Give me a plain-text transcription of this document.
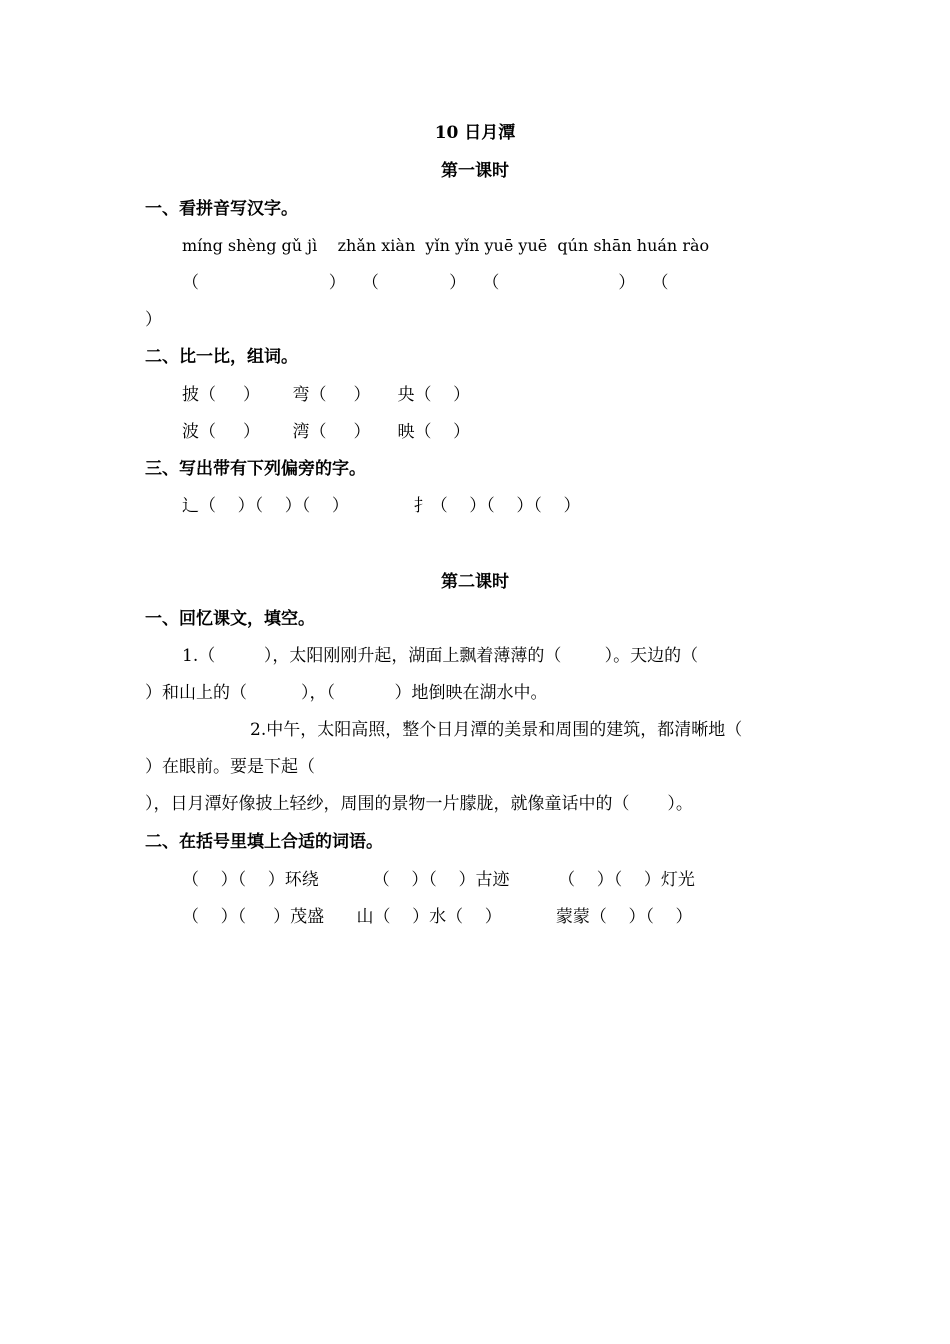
10 日月潭
第一课时
一、看拼音写汉字。
míng shèng gǔ jì    zhǎn xiàn  yǐn yǐn yuē yuē  qún shān huán rào
（                        ）   （             ）   （                      ）   （
）
二、比一比，组词。
披（     ）      弯（     ）     央（    ）
波（     ）      湾（     ）     映（    ）
三、写出带有下列偏旁的字。
辶（    ）（    ）（    ）            扌（    ）（    ）（    ）
第二课时
一、回忆课文，填空。
1.（         ），太阳刚刚升起，湖面上飘着薄薄的（        ）。天边的（
）和山上的（          ），（           ）地倒映在湖水中。
2.中午，太阳高照，整个日月潭的美景和周围的建筑，都清晰地（
）在眼前。要是下起（
），日月潭好像披上轻纱，周围的景物一片朦胧，就像童话中的（       ）。
二、在括号里填上合适的词语。
（    ）（    ）环绕          （    ）（    ）古迹         （    ）（    ）灯光
（    ）（     ）茂盛      山（    ）水（    ）          蒙蒙（    ）（    ）
